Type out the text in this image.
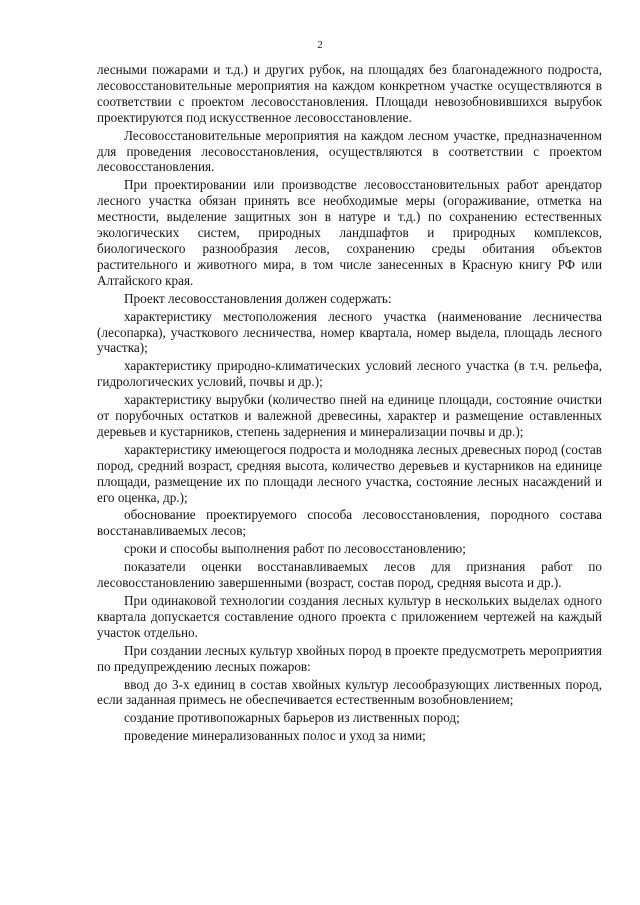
2

лесными пожарами и т.д.) и других рубок, на площадях без благонадежного подроста, лесовосстановительные мероприятия на каждом конкретном участке осуществляются в соответствии с проектом лесовосстановления. Площади невозобновившихся вырубок проектируются под искусственное лесовосстановление.

Лесовосстановительные мероприятия на каждом лесном участке, предназначенном для проведения лесовосстановления, осуществляются в соответствии с проектом лесовосстановления.

При проектировании или производстве лесовосстановительных работ арендатор лесного участка обязан принять все необходимые меры (огораживание, отметка на местности, выделение защитных зон в натуре и т.д.) по сохранению естественных экологических систем, природных ландшафтов и природных комплексов, биологического разнообразия лесов, сохранению среды обитания объектов растительного и животного мира, в том числе занесенных в Красную книгу РФ или Алтайского края.

Проект лесовосстановления должен содержать:

характеристику местоположения лесного участка (наименование лесничества (лесопарка), участкового лесничества, номер квартала, номер выдела, площадь лесного участка);

характеристику природно-климатических условий лесного участка (в т.ч. рельефа, гидрологических условий, почвы и др.);

характеристику вырубки (количество пней на единице площади, состояние очистки от порубочных остатков и валежной древесины, характер и размещение оставленных деревьев и кустарников, степень задернения и минерализации почвы и др.);

характеристику имеющегося подроста и молодняка лесных древесных пород (состав пород, средний возраст, средняя высота, количество деревьев и кустарников на единице площади, размещение их по площади лесного участка, состояние лесных насаждений и его оценка, др.);

обоснование проектируемого способа лесовосстановления, породного состава восстанавливаемых лесов;

сроки и способы выполнения работ по лесовосстановлению;

показатели оценки восстанавливаемых лесов для признания работ по лесовосстановлению завершенными (возраст, состав пород, средняя высота и др.).

При одинаковой технологии создания лесных культур в нескольких выделах одного квартала допускается составление одного проекта с приложением чертежей на каждый участок отдельно.

При создании лесных культур хвойных пород в проекте предусмотреть мероприятия по предупреждению лесных пожаров:

ввод до 3-х единиц в состав хвойных культур лесообразующих лиственных пород, если заданная примесь не обеспечивается естественным возобновлением;

создание противопожарных барьеров из лиственных пород;

проведение минерализованных полос и уход за ними;
